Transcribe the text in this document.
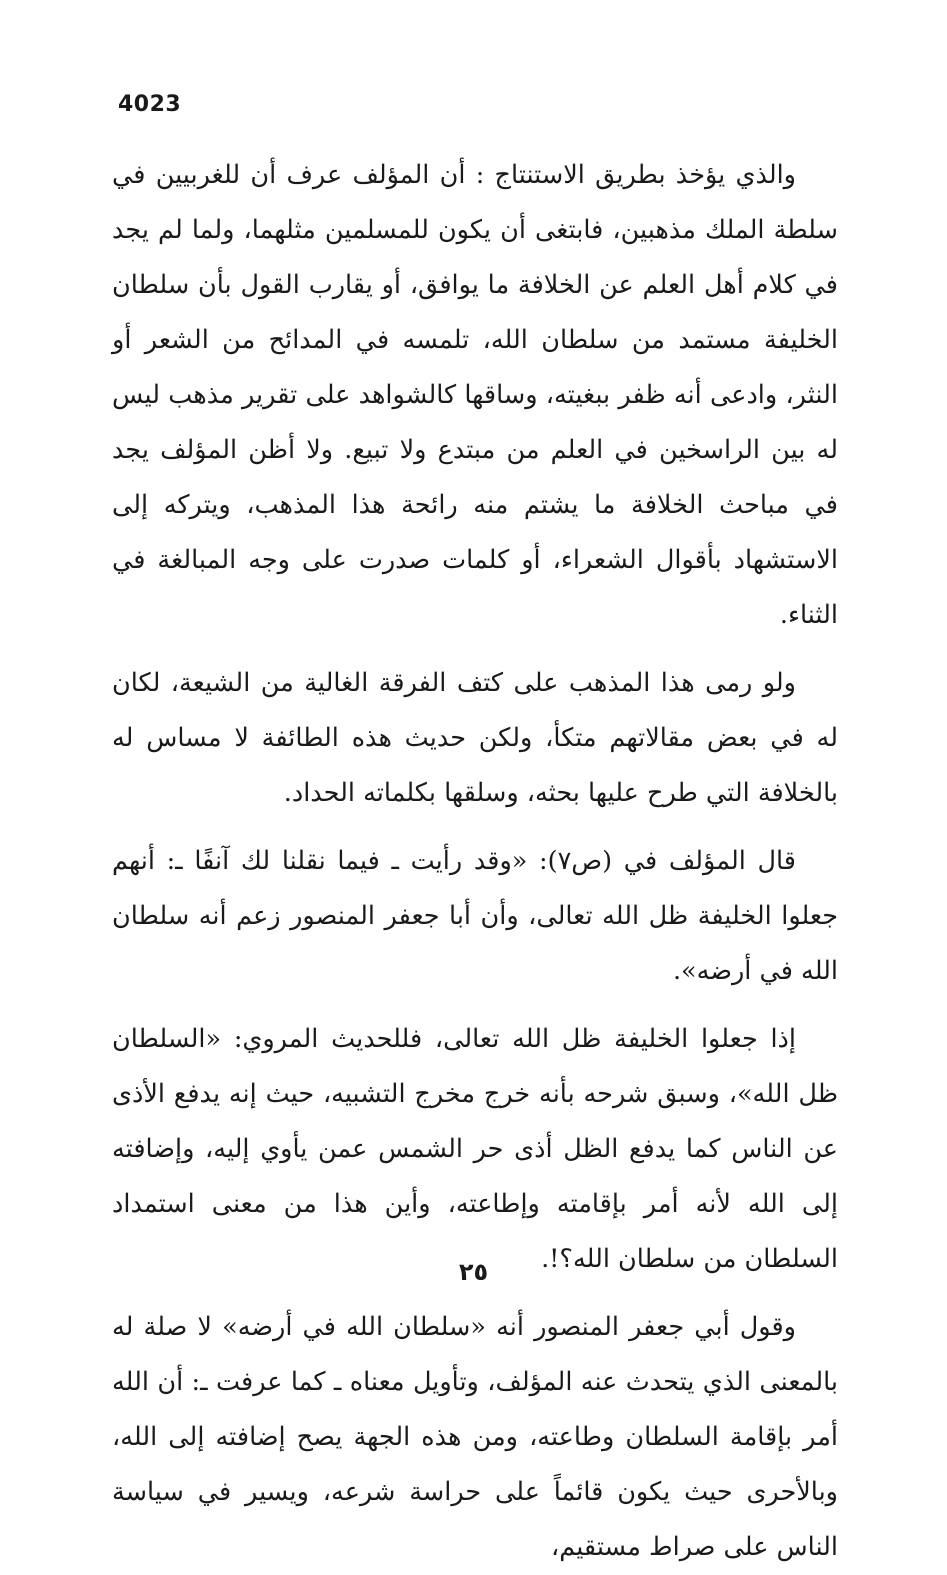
4023

والذي يؤخذ بطريق الاستنتاج : أن المؤلف عرف أن للغربيين في سلطة الملك مذهبين، فابتغى أن يكون للمسلمين مثلهما، ولما لم يجد في كلام أهل العلم عن الخلافة ما يوافق، أو يقارب القول بأن سلطان الخليفة مستمد من سلطان الله، تلمسه في المدائح من الشعر أو النثر، وادعى أنه ظفر ببغيته، وساقها كالشواهد على تقرير مذهب ليس له بين الراسخين في العلم من مبتدع ولا تبيع. ولا أظن المؤلف يجد في مباحث الخلافة ما يشتم منه رائحة هذا المذهب، ويتركه إلى الاستشهاد بأقوال الشعراء، أو كلمات صدرت على وجه المبالغة في الثناء.

ولو رمى هذا المذهب على كتف الفرقة الغالية من الشيعة، لكان له في بعض مقالاتهم متكأ، ولكن حديث هذه الطائفة لا مساس له بالخلافة التي طرح عليها بحثه، وسلقها بكلماته الحداد.

قال المؤلف في (ص٧): «وقد رأيت ـ فيما نقلنا لك آنفًا ـ: أنهم جعلوا الخليفة ظل الله تعالى، وأن أبا جعفر المنصور زعم أنه سلطان الله في أرضه».

إذا جعلوا الخليفة ظل الله تعالى، فللحديث المروي: «السلطان ظل الله»، وسبق شرحه بأنه خرج مخرج التشبيه، حيث إنه يدفع الأذى عن الناس كما يدفع الظل أذى حر الشمس عمن يأوي إليه، وإضافته إلى الله لأنه أمر بإقامته وإطاعته، وأين هذا من معنى استمداد السلطان من سلطان الله؟!.

وقول أبي جعفر المنصور أنه «سلطان الله في أرضه» لا صلة له بالمعنى الذي يتحدث عنه المؤلف، وتأويل معناه ـ كما عرفت ـ: أن الله أمر بإقامة السلطان وطاعته، ومن هذه الجهة يصح إضافته إلى الله، وبالأحرى حيث يكون قائماً على حراسة شرعه، ويسير في سياسة الناس على صراط مستقيم،

٢٥
